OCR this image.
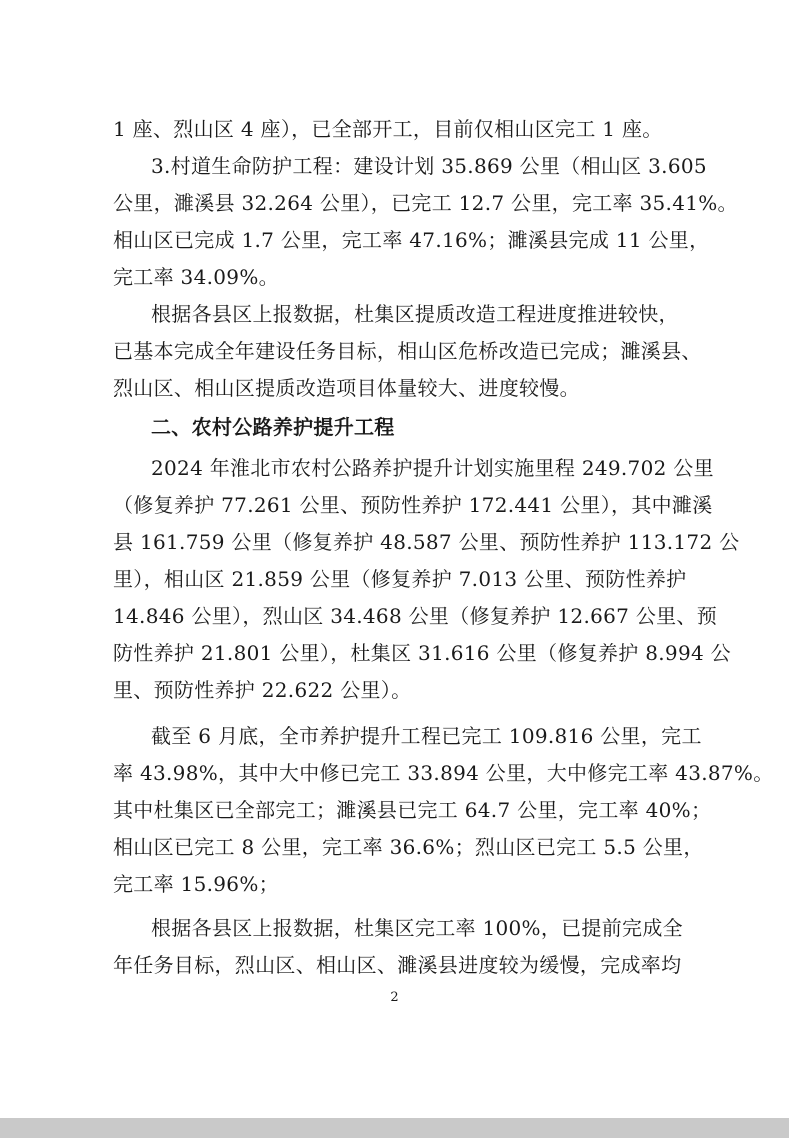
1 座、烈山区 4 座），已全部开工，目前仅相山区完工 1 座。
3.村道生命防护工程：建设计划 35.869 公里（相山区 3.605
公里，濉溪县 32.264 公里），已完工 12.7 公里，完工率 35.41%。
相山区已完成 1.7 公里，完工率 47.16%；濉溪县完成 11 公里，
完工率 34.09%。
根据各县区上报数据，杜集区提质改造工程进度推进较快，
已基本完成全年建设任务目标，相山区危桥改造已完成；濉溪县、
烈山区、相山区提质改造项目体量较大、进度较慢。
二、农村公路养护提升工程
2024 年淮北市农村公路养护提升计划实施里程 249.702 公里
（修复养护 77.261 公里、预防性养护 172.441 公里），其中濉溪
县 161.759 公里（修复养护 48.587 公里、预防性养护 113.172 公
里），相山区 21.859 公里（修复养护 7.013 公里、预防性养护
14.846 公里），烈山区 34.468 公里（修复养护 12.667 公里、预
防性养护 21.801 公里），杜集区 31.616 公里（修复养护 8.994 公
里、预防性养护 22.622 公里）。
截至 6 月底，全市养护提升工程已完工 109.816 公里，完工
率 43.98%，其中大中修已完工 33.894 公里，大中修完工率 43.87%。
其中杜集区已全部完工；濉溪县已完工 64.7 公里，完工率 40%；
相山区已完工 8 公里，完工率 36.6%；烈山区已完工 5.5 公里，
完工率 15.96%；
根据各县区上报数据，杜集区完工率 100%，已提前完成全
年任务目标，烈山区、相山区、濉溪县进度较为缓慢，完成率均
2
